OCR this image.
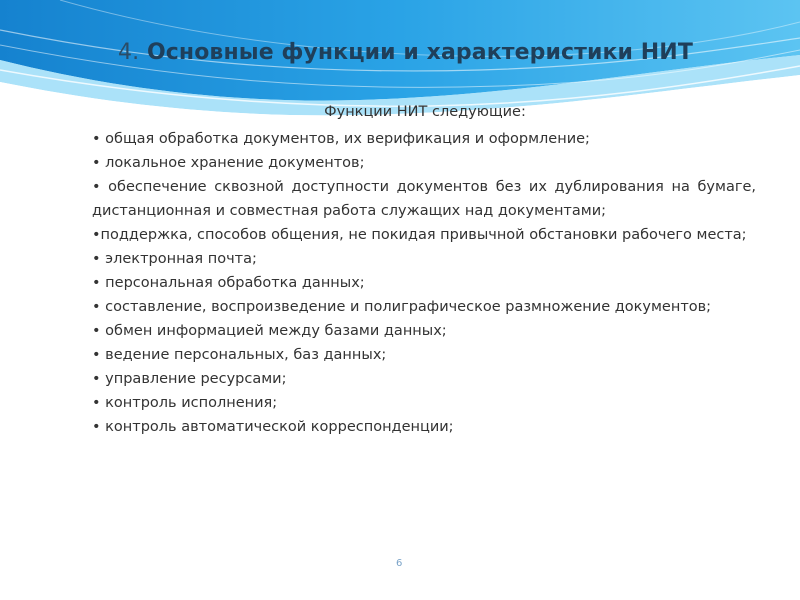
4. Основные функции и характеристики НИТ

Функции НИТ следующие:

• общая обработка документов, их верификация и оформление;
• локальное хранение документов;
• обеспечение сквозной доступности документов без их дублирования на бумаге, дистанционная и совместная работа служащих над документами;
•поддержка, способов общения, не покидая привычной обстановки рабочего места;
• электронная почта;
• персональная обработка данных;
• составление, воспроизведение и полиграфическое размножение документов;
• обмен информацией между базами данных;
• ведение персональных, баз данных;
• управление ресурсами;
• контроль исполнения;
• контроль автоматической корреспонденции;
6
